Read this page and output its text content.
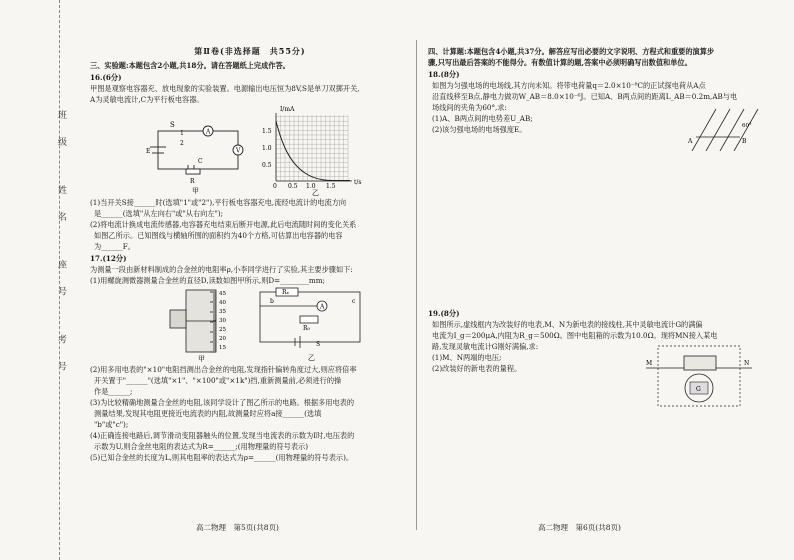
班级 姓名 座号 考号
第Ⅱ卷(非选择题　共55分)
三、实验题:本题包含2小题,共18分。请在答题纸上完成作答。
16.(6分)
甲图是观察电容器充、放电现象的实验装置。电源输出电压恒为8V,S是单刀双掷开关,
A为灵敏电流计,C为平行板电容器。
S
1
2
A
V
C
R
E
甲
I/mA
t/s
1.5
1.0
0.5
0 0.5 1.0 1.5
乙
(1)当开关S接______时(选填"1"或"2"),平行板电容器充电,流经电流计的电流方向
是______(选填"从左向右"或"从右向左");
(2)将电流计换成电流传感器,电容器充电结束后断开电源,此后电流随时间的变化关系
如图乙所示。已知图线与横轴所围的面积约为40个方格,可估算出电容器的电容
为______F。
17.(12分)
为测量一段由新材料制成的合金丝的电阻率ρ,小李同学进行了实验,其主要步骤如下:
(1)用螺旋测微器测量合金丝的直径D,读数如图甲所示,则D=________mm;
45
40
35
30
25
20
15
甲
b
A
Rₓ
R₀
S
c
乙
(2)用多用电表的"×10"电阻挡测出合金丝的电阻,发现指针偏转角度过大,则应将倍率
开关置于"______"(选填"×1"、"×100"或"×1k")挡,重新测量前,必须进行的操
作是______;
(3)为比较精确地测量合金丝的电阻,该同学设计了图乙所示的电路。根据多用电表的
测量结果,发现其电阻更接近电流表的内阻,故测量时应将a接______(选填
"b"或"c");
(4)正确连接电路后,调节滑动变阻器触头的位置,发现当电流表的示数为I时,电压表的
示数为U,则合金丝电阻的表达式为R=______;(用物理量的符号表示)
(5)已知合金丝的长度为L,则其电阻率的表达式为ρ=______(用物理量的符号表示)。
高二物理　第5页(共8页)
四、计算题:本题包含4小题,共37分。解答应写出必要的文字说明、方程式和重要的演算步
骤,只写出最后答案的不能得分。有数值计算的题,答案中必须明确写出数值和单位。
18.(8分)
如图为匀强电场的电场线,其方向未知。将带电荷量q＝2.0×10⁻⁸C的正试探电荷从A点
沿直线移至B点,静电力做功W_AB＝8.0×10⁻⁶J。已知A、B两点间的距离L_AB＝0.2m,AB与电
场线间的夹角为60°,求:
(1)A、B两点间的电势差U_AB;
(2)该匀强电场的电场强度E。
A	B
60°
19.(8分)
如图所示,虚线框内为改装好的电表,M、N为新电表的接线柱,其中灵敏电流计G的满偏
电流为I_g＝200μA,内阻为R_g＝500Ω。图中电阻箱的示数为10.0Ω。现将MN接入某电
路,发现灵敏电流计G刚好满偏,求:
(1)M、N两端的电压;
(2)改装好的新电表的量程。
M	N
G
高二物理　第6页(共8页)
